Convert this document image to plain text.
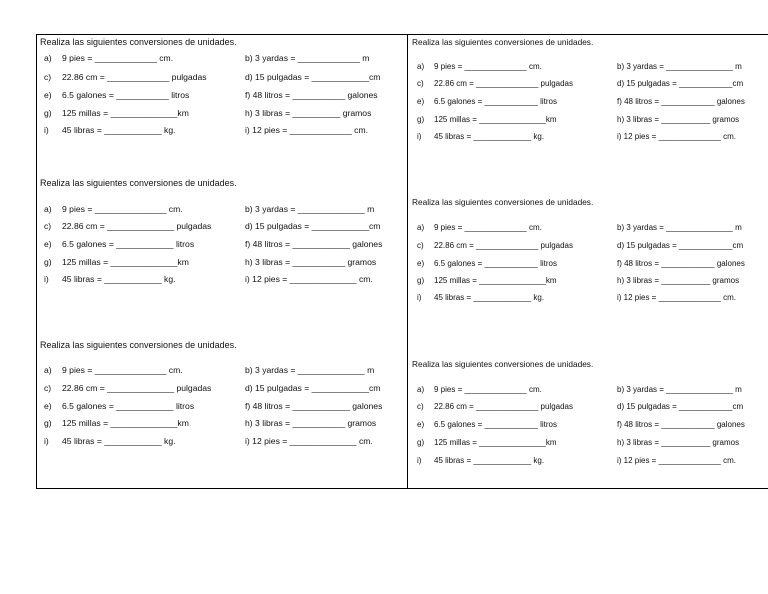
Realiza las siguientes conversiones de unidades.
a) 9 pies = _____________ cm.	b) 3 yardas = _____________ m
c) 22.86 cm = _____________ pulgadas	d) 15 pulgadas = ____________cm
e) 6.5 galones = ___________ litros	f) 48 litros = ___________ galones
g) 125 millas = ______________km	h) 3 libras = __________ gramos
i) 45 libras = ____________ kg.	i) 12 pies = _____________ cm.
Realiza las siguientes conversiones de unidades.
a) 9 pies = _______________ cm.	b) 3 yardas = ______________ m
c) 22.86 cm = ______________ pulgadas	d) 15 pulgadas = ____________cm
e) 6.5 galones = ____________ litros	f) 48 litros = ____________ galones
g) 125 millas = ______________km	h) 3 libras = ___________ gramos
i) 45 libras = ____________ kg.	i) 12 pies = ______________ cm.
Realiza las siguientes conversiones de unidades.
a) 9 pies = _______________ cm.	b) 3 yardas = ______________ m
c) 22.86 cm = ______________ pulgadas	d) 15 pulgadas = ____________cm
e) 6.5 galones = ____________ litros	f) 48 litros = ____________ galones
g) 125 millas = ______________km	h) 3 libras = ___________ gramos
i) 45 libras = ____________ kg.	i) 12 pies = ______________ cm.
Realiza las siguientes conversiones de unidades.
a) 9 pies = ______________ cm.	b) 3 yardas = _______________ m
c) 22.86 cm = ______________ pulgadas	d) 15 pulgadas = ____________cm
e) 6.5 galones = ____________ litros	f) 48 litros = ____________ galones
g) 125 millas = _______________km	h) 3 libras = ___________ gramos
i) 45 libras = _____________ kg.	i) 12 pies = ______________ cm.
Realiza las siguientes conversiones de unidades.
a) 9 pies = ______________ cm.	b) 3 yardas = _______________ m
c) 22.86 cm = ______________ pulgadas	d) 15 pulgadas = ____________cm
e) 6.5 galones = ____________ litros	f) 48 litros = ____________ galones
g) 125 millas = _______________km	h) 3 libras = ___________ gramos
i) 45 libras = _____________ kg.	i) 12 pies = ______________ cm.
Realiza las siguientes conversiones de unidades.
a) 9 pies = ______________ cm.	b) 3 yardas = _______________ m
c) 22.86 cm = ______________ pulgadas	d) 15 pulgadas = ____________cm
e) 6.5 galones = ____________ litros	f) 48 litros = ____________ galones
g) 125 millas = _______________km	h) 3 libras = ___________ gramos
i) 45 libras = _____________ kg.	i) 12 pies = ______________ cm.
